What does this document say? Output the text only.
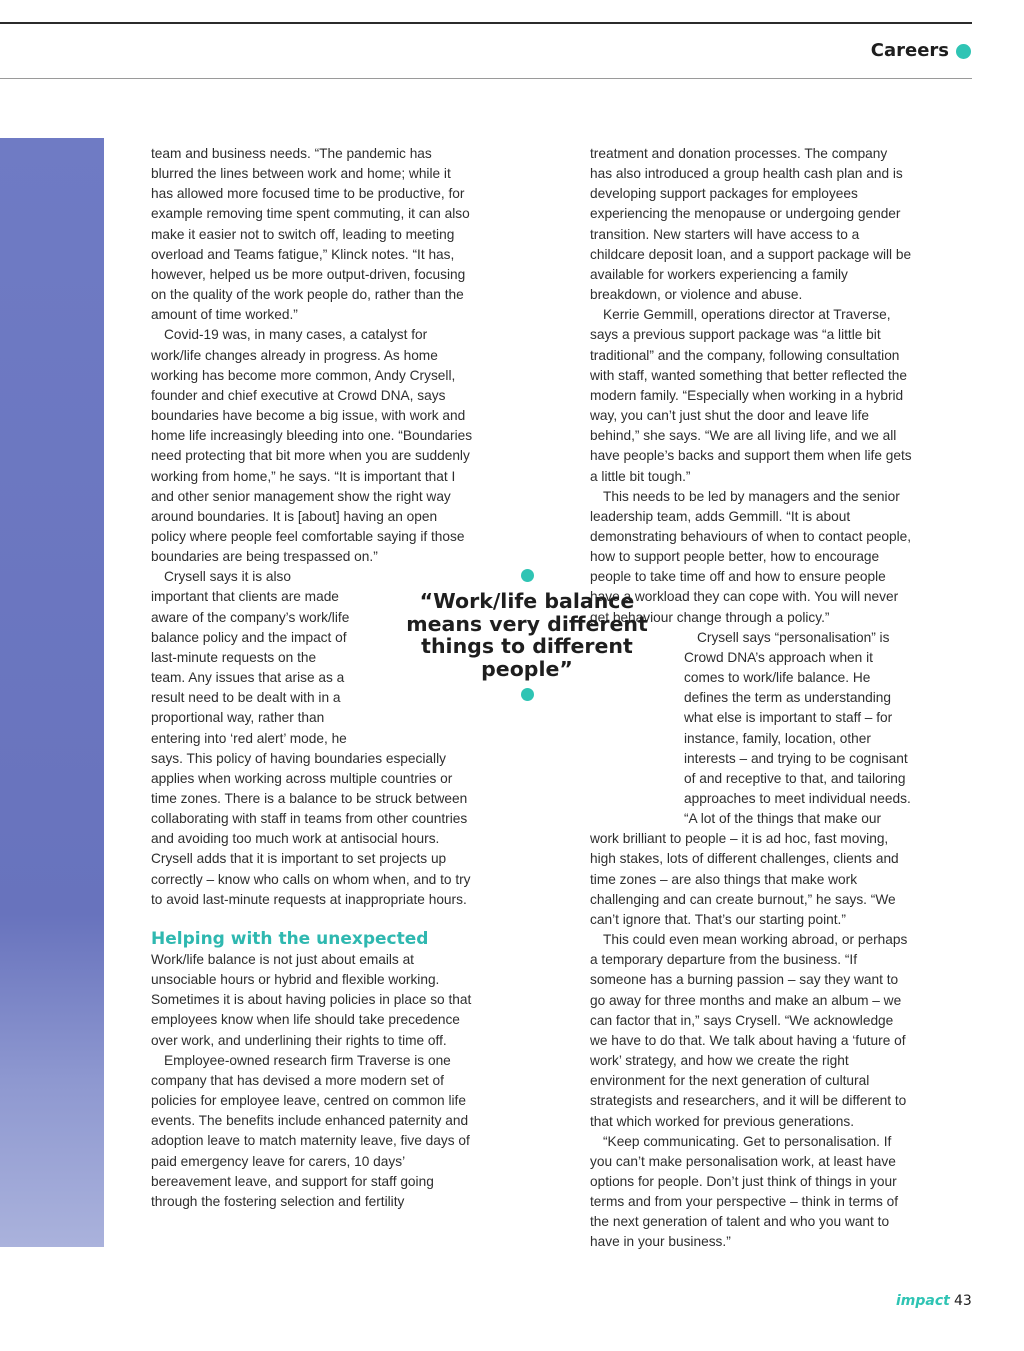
Careers

team and business needs. “The pandemic has blurred the lines between work and home; while it has allowed more focused time to be productive, for example removing time spent commuting, it can also make it easier not to switch off, leading to meeting overload and Teams fatigue,” Klinck notes. “It has, however, helped us be more output-driven, focusing on the quality of the work people do, rather than the amount of time worked.”

Covid-19 was, in many cases, a catalyst for work/life changes already in progress. As home working has become more common, Andy Crysell, founder and chief executive at Crowd DNA, says boundaries have become a big issue, with work and home life increasingly bleeding into one. “Boundaries need protecting that bit more when you are suddenly working from home,” he says. “It is important that I and other senior management show the right way around boundaries. It is [about] having an open policy where people feel comfortable saying if those boundaries are being trespassed on.”

Crysell says it is also important that clients are made aware of the company’s work/life balance policy and the impact of last-minute requests on the team. Any issues that arise as a result need to be dealt with in a proportional way, rather than entering into ‘red alert’ mode, he says. This policy of having boundaries especially applies when working across multiple countries or time zones. There is a balance to be struck between collaborating with staff in teams from other countries and avoiding too much work at antisocial hours. Crysell adds that it is important to set projects up correctly – know who calls on whom when, and to try to avoid last-minute requests at inappropriate hours.

Helping with the unexpected

Work/life balance is not just about emails at unsociable hours or hybrid and flexible working. Sometimes it is about having policies in place so that employees know when life should take precedence over work, and underlining their rights to time off.

Employee-owned research firm Traverse is one company that has devised a more modern set of policies for employee leave, centred on common life events. The benefits include enhanced paternity and adoption leave to match maternity leave, five days of paid emergency leave for carers, 10 days’ bereavement leave, and support for staff going through the fostering selection and fertility

treatment and donation processes. The company has also introduced a group health cash plan and is developing support packages for employees experiencing the menopause or undergoing gender transition. New starters will have access to a childcare deposit loan, and a support package will be available for workers experiencing a family breakdown, or violence and abuse.

Kerrie Gemmill, operations director at Traverse, says a previous support package was “a little bit traditional” and the company, following consultation with staff, wanted something that better reflected the modern family. “Especially when working in a hybrid way, you can’t just shut the door and leave life behind,” she says. “We are all living life, and we all have people’s backs and support them when life gets a little bit tough.”

This needs to be led by managers and the senior leadership team, adds Gemmill. “It is about demonstrating behaviours of when to contact people, how to support people better, how to encourage people to take time off and how to ensure people have a workload they can cope with. You will never get behaviour change through a policy.”

Crysell says “personalisation” is Crowd DNA’s approach when it comes to work/life balance. He defines the term as understanding what else is important to staff – for instance, family, location, other interests – and trying to be cognisant of and receptive to that, and tailoring approaches to meet individual needs. “A lot of the things that make our work brilliant to people – it is ad hoc, fast moving, high stakes, lots of different challenges, clients and time zones – are also things that make work challenging and can create burnout,” he says. “We can’t ignore that. That’s our starting point.”

This could even mean working abroad, or perhaps a temporary departure from the business. “If someone has a burning passion – say they want to go away for three months and make an album – we can factor that in,” says Crysell. “We acknowledge we have to do that. We talk about having a ‘future of work’ strategy, and how we create the right environment for the next generation of cultural strategists and researchers, and it will be different to that which worked for previous generations.

“Keep communicating. Get to personalisation. If you can’t make personalisation work, at least have options for people. Don’t just think of things in your terms and from your perspective – think in terms of the next generation of talent and who you want to have in your business.”

“Work/life balance means very different things to different people”
impact 43
